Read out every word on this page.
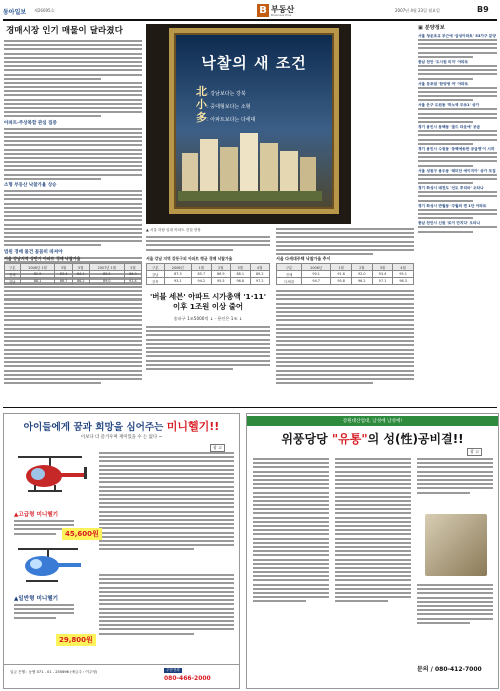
동아일보 제26695호	B 부동산
Business Plus
2007년 4월 23일 월요일	B9
경매시장 인기 매물이 달라졌다
아파트-주상복합 관심 집중
소형 부동산 낙찰가율 상승
법원 경매 물건 꼼꼼히 따져야
낙찰의 새 조건
北: 강남보다는 강북
小: 중대형보다는 소형
多: 아파트보다는 다세대
서울 강남지역 상반기 아파트 경매 낙찰가율
구분	2006년 1월	3월	5월	2007년 1월	3월
전체	82.9	83.4	84.1	85.2	86.0
강남	88.1	86.7	86.2	89.0	91.4
서울 강남 지역 강동구외 아파트 평균 경매 낙찰가율
구분	2006년	1월	2월	3월	4월
강남	87.3	85.7	86.9	88.1	89.2
강북	93.1	94.2	95.5	96.8	97.2
서울 다세대주택 낙찰가율 추이
구분	2006년	1월	2월	3월	4월
전체	90.1	91.6	92.0	93.4	95.1
다세대	94.7	95.8	96.2	97.1	98.3
▲ 서울 하왕 임대 아파트 건설 현장
'버블 세븐' 아파트 시가총액 '1·11' 이후 1조원 이상 줄어
송파구 1조5000억 ↓ · 용인은 1조 ↓
▣ 분양정보
서울 청운초교 부근에 '삼성아파트' 53가구 분양
충남 천안 '도시원 미지' 아파트
서울 등포권 '한양생 여' 아파트
서울 은구 도원동 '하노역 무쏘1' 상가
경기 용인시 동백동 '골드 타운에' 공급
경기 용인시 수원동 '등백에송반 공급영'이 시작
서울 성원구 용두동 '래미안 에이지아' 상가 모집
경기 화성시 매전도 '선도 투리마' 오타나
경기 화성시 반월동 '주월의 엔 1단 아파트
충남 천안시 신원 '로이 단지다' 오타나
아이들에게 꿈과 희망을 심어주는 미니헬기!!
이보다 더 즐거우며 재미있을 수 는 없다 ~
광 고
▲고급형 미니헬기
45,600원
▲일반형 미니헬기
29,800원
입금 은행 : 농협 071 - 01 - 255696 (예금주 : 이주영)	주문전화
080-466-2000
강원대산업대, 남성에 남성에!
위풍당당 "유통"의 성(性)공비결!!
광 고
문의 / 080-412-7000
